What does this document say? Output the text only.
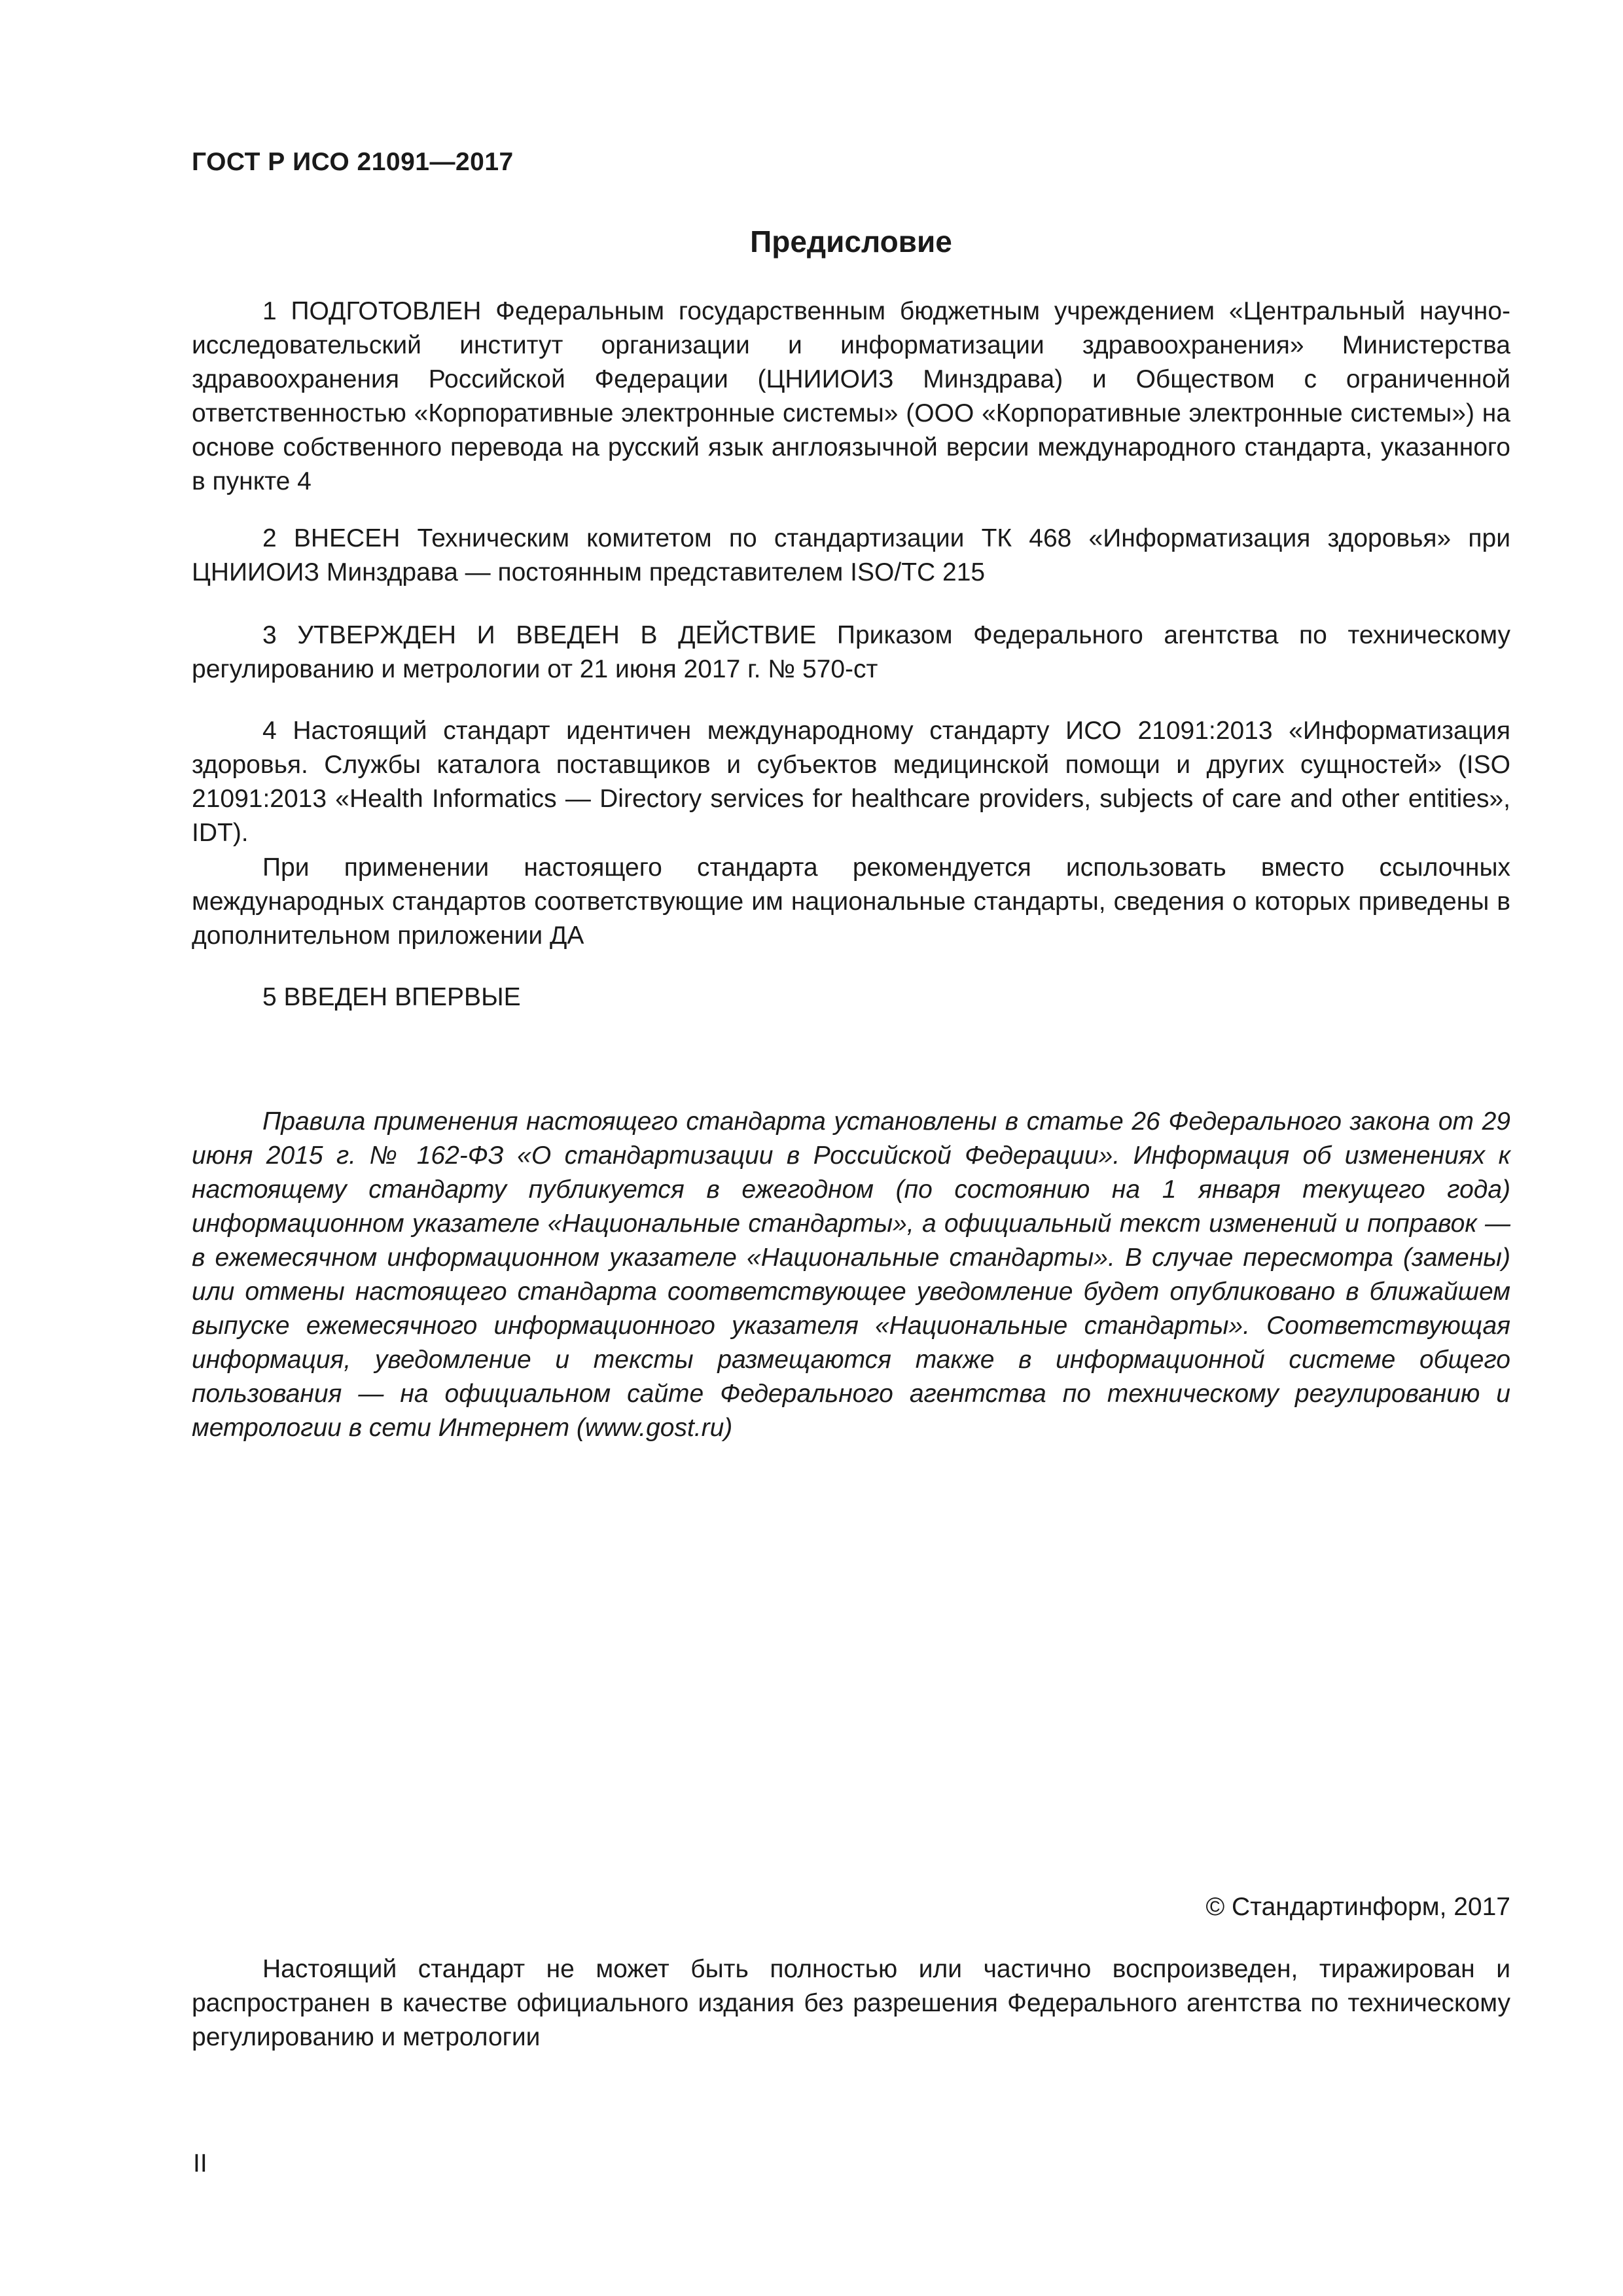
ГОСТ Р ИСО 21091—2017
Предисловие

1 ПОДГОТОВЛЕН Федеральным государственным бюджетным учреждением «Центральный научно-исследовательский институт организации и информатизации здравоохранения» Министерства здравоохранения Российской Федерации (ЦНИИОИЗ Минздрава) и Обществом с ограниченной ответственностью «Корпоративные электронные системы» (ООО «Корпоративные электронные системы») на основе собственного перевода на русский язык англоязычной версии международного стандарта, указанного в пункте 4

2 ВНЕСЕН Техническим комитетом по стандартизации ТК 468 «Информатизация здоровья» при ЦНИИОИЗ Минздрава — постоянным представителем ISO/TC 215

3 УТВЕРЖДЕН И ВВЕДЕН В ДЕЙСТВИЕ Приказом Федерального агентства по техническому регулированию и метрологии от 21 июня 2017 г. № 570-ст

4 Настоящий стандарт идентичен международному стандарту ИСО 21091:2013 «Информатизация здоровья. Службы каталога поставщиков и субъектов медицинской помощи и других сущностей» (ISO 21091:2013 «Health Informatics — Directory services for healthcare providers, subjects of care and other entities», IDT).

При применении настоящего стандарта рекомендуется использовать вместо ссылочных международных стандартов соответствующие им национальные стандарты, сведения о которых приведены в дополнительном приложении ДА

5 ВВЕДЕН ВПЕРВЫЕ

Правила применения настоящего стандарта установлены в статье 26 Федерального закона от 29 июня 2015 г. № 162-ФЗ «О стандартизации в Российской Федерации». Информация об изменениях к настоящему стандарту публикуется в ежегодном (по состоянию на 1 января текущего года) информационном указателе «Национальные стандарты», а официальный текст изменений и поправок — в ежемесячном информационном указателе «Национальные стандарты». В случае пересмотра (замены) или отмены настоящего стандарта соответствующее уведомление будет опубликовано в ближайшем выпуске ежемесячного информационного указателя «Национальные стандарты». Соответствующая информация, уведомление и тексты размещаются также в информационной системе общего пользования — на официальном сайте Федерального агентства по техническому регулированию и метрологии в сети Интернет (www.gost.ru)

© Стандартинформ, 2017

Настоящий стандарт не может быть полностью или частично воспроизведен, тиражирован и распространен в качестве официального издания без разрешения Федерального агентства по техническому регулированию и метрологии

II
